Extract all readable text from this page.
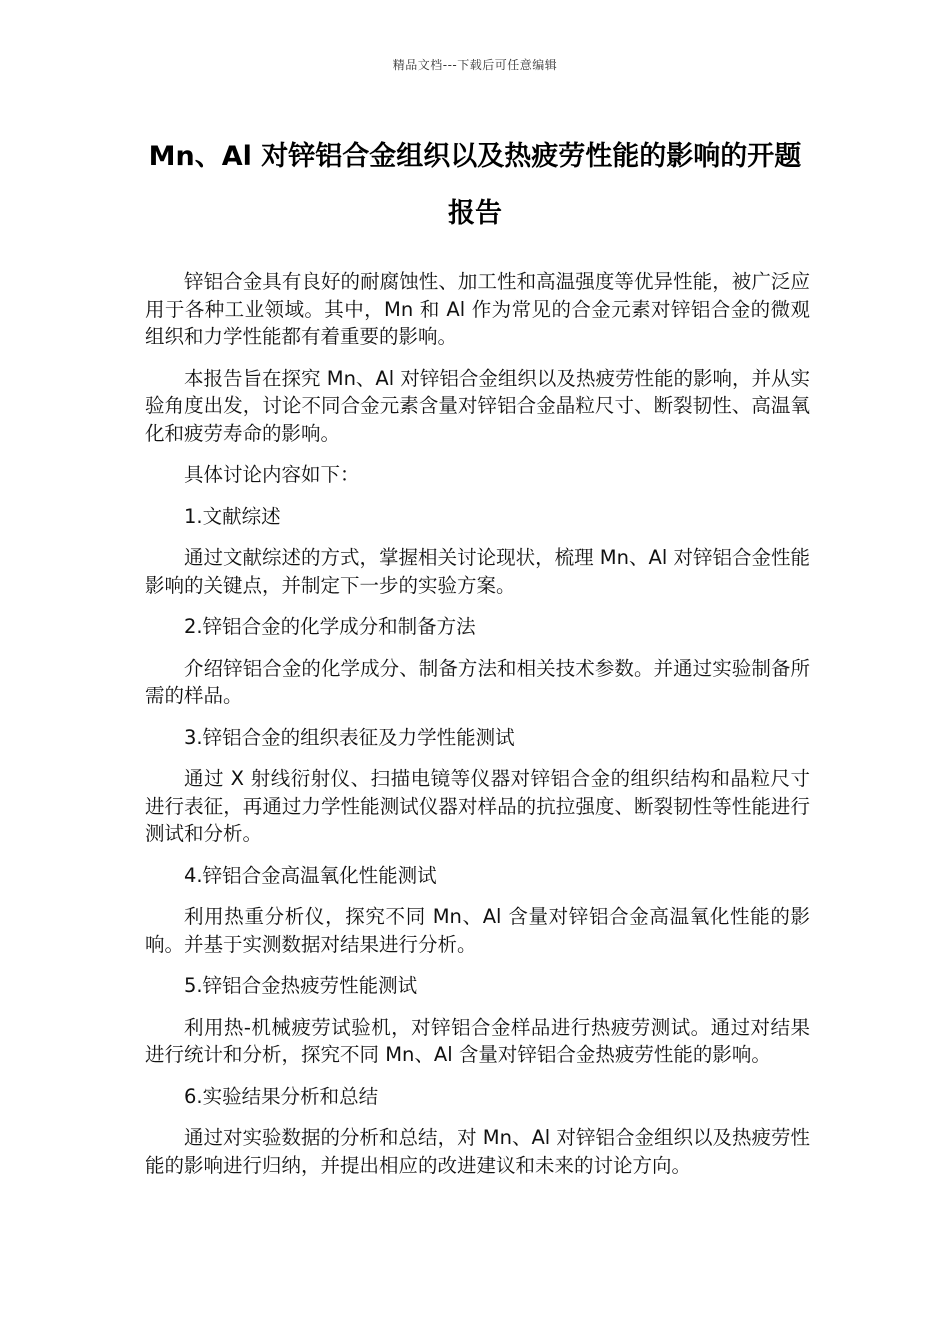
精品文档---下载后可任意编辑
Mn、Al 对锌铝合金组织以及热疲劳性能的影响的开题报告

锌铝合金具有良好的耐腐蚀性、加工性和高温强度等优异性能，被广泛应用于各种工业领域。其中，Mn 和 Al 作为常见的合金元素对锌铝合金的微观组织和力学性能都有着重要的影响。

本报告旨在探究 Mn、Al 对锌铝合金组织以及热疲劳性能的影响，并从实验角度出发，讨论不同合金元素含量对锌铝合金晶粒尺寸、断裂韧性、高温氧化和疲劳寿命的影响。

具体讨论内容如下：

1.文献综述

通过文献综述的方式，掌握相关讨论现状，梳理 Mn、Al 对锌铝合金性能影响的关键点，并制定下一步的实验方案。

2.锌铝合金的化学成分和制备方法

介绍锌铝合金的化学成分、制备方法和相关技术参数。并通过实验制备所需的样品。

3.锌铝合金的组织表征及力学性能测试

通过 X 射线衍射仪、扫描电镜等仪器对锌铝合金的组织结构和晶粒尺寸进行表征，再通过力学性能测试仪器对样品的抗拉强度、断裂韧性等性能进行测试和分析。

4.锌铝合金高温氧化性能测试

利用热重分析仪，探究不同 Mn、Al 含量对锌铝合金高温氧化性能的影响。并基于实测数据对结果进行分析。

5.锌铝合金热疲劳性能测试

利用热-机械疲劳试验机，对锌铝合金样品进行热疲劳测试。通过对结果进行统计和分析，探究不同 Mn、Al 含量对锌铝合金热疲劳性能的影响。

6.实验结果分析和总结

通过对实验数据的分析和总结，对 Mn、Al 对锌铝合金组织以及热疲劳性能的影响进行归纳，并提出相应的改进建议和未来的讨论方向。
